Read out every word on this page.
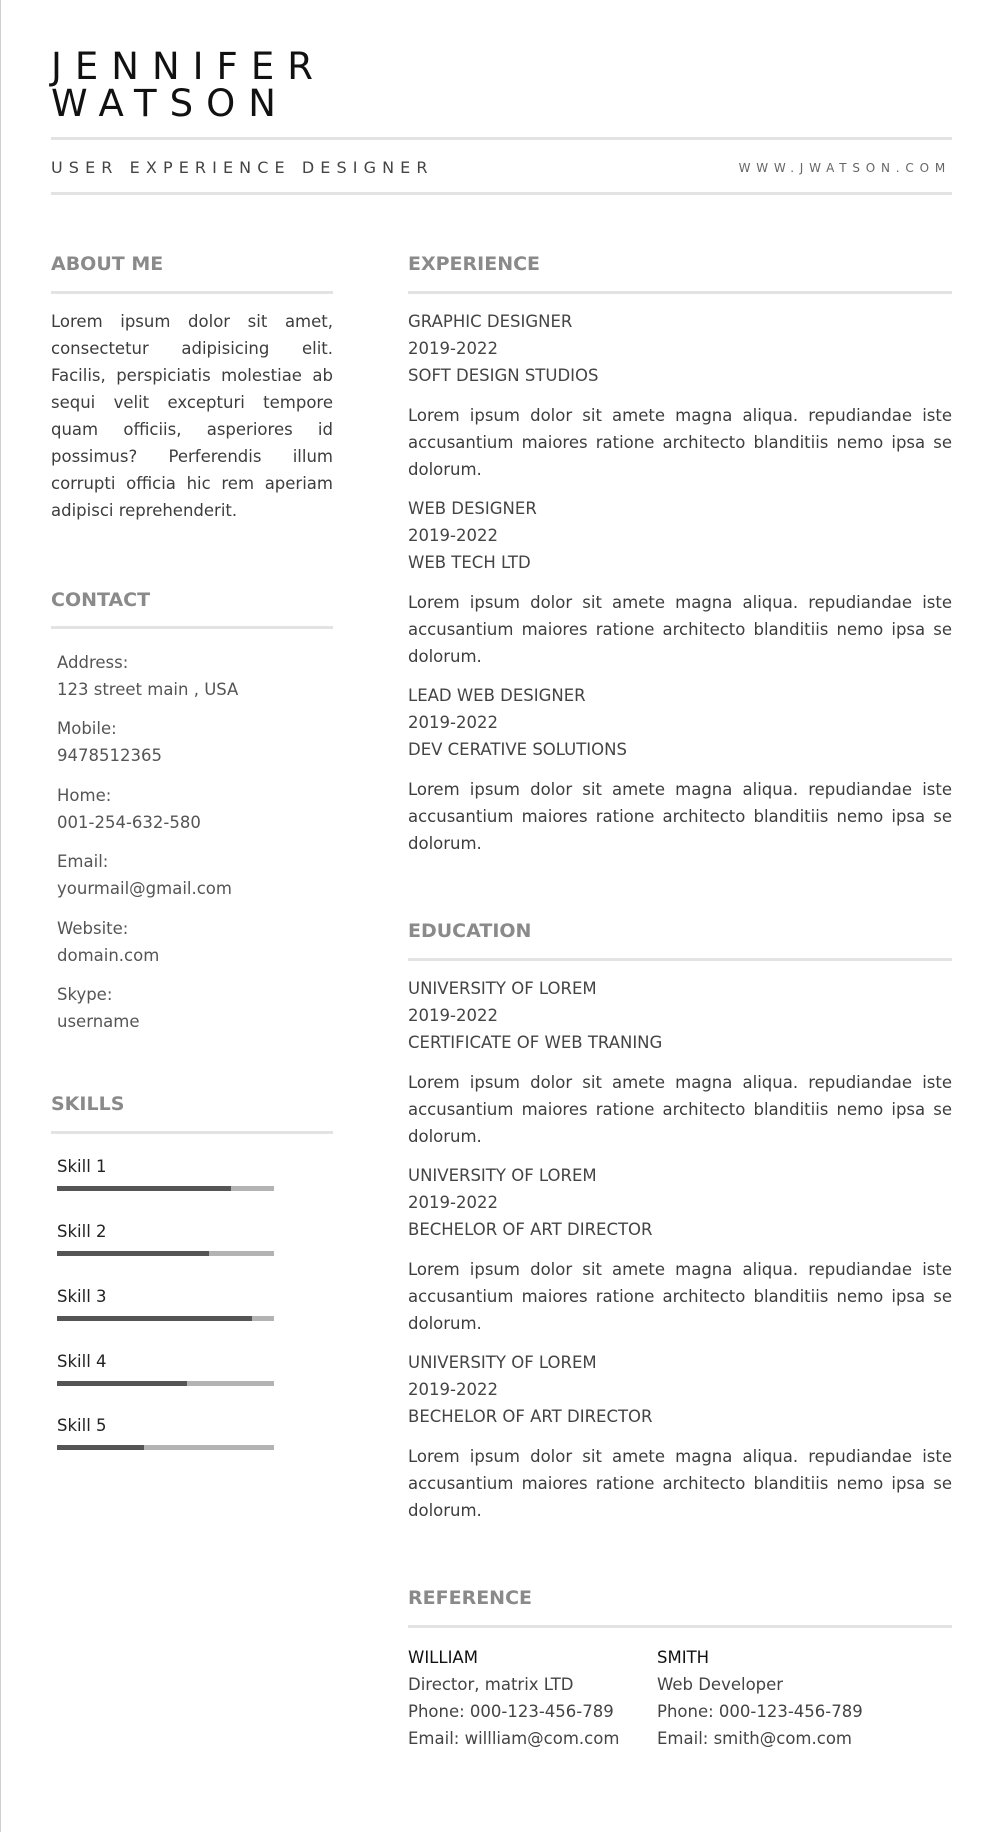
JENNIFER
WATSON
USER EXPERIENCE DESIGNER	WWW.JWATSON.COM
ABOUT ME

Lorem ipsum dolor sit amet, consectetur adipisicing elit. Facilis, perspiciatis molestiae ab sequi velit excepturi tempore quam officiis, asperiores id possimus? Perferendis illum corrupti officia hic rem aperiam adipisci reprehenderit.

CONTACT
Address:
123 street main , USA
Mobile:
9478512365
Home:
001-254-632-580
Email:
yourmail@gmail.com
Website:
domain.com
Skype:
username
SKILLS
Skill 1
Skill 2
Skill 3
Skill 4
Skill 5
EXPERIENCE
GRAPHIC DESIGNER
2019-2022
SOFT DESIGN STUDIOS
Lorem ipsum dolor sit amete magna aliqua. repudiandae iste accusantium maiores ratione architecto blanditiis nemo ipsa se dolorum.
WEB DESIGNER
2019-2022
WEB TECH LTD
Lorem ipsum dolor sit amete magna aliqua. repudiandae iste accusantium maiores ratione architecto blanditiis nemo ipsa se dolorum.
LEAD WEB DESIGNER
2019-2022
DEV CERATIVE SOLUTIONS
Lorem ipsum dolor sit amete magna aliqua. repudiandae iste accusantium maiores ratione architecto blanditiis nemo ipsa se dolorum.
EDUCATION
UNIVERSITY OF LOREM
2019-2022
CERTIFICATE OF WEB TRANING
Lorem ipsum dolor sit amete magna aliqua. repudiandae iste accusantium maiores ratione architecto blanditiis nemo ipsa se dolorum.
UNIVERSITY OF LOREM
2019-2022
BECHELOR OF ART DIRECTOR
Lorem ipsum dolor sit amete magna aliqua. repudiandae iste accusantium maiores ratione architecto blanditiis nemo ipsa se dolorum.
UNIVERSITY OF LOREM
2019-2022
BECHELOR OF ART DIRECTOR
Lorem ipsum dolor sit amete magna aliqua. repudiandae iste accusantium maiores ratione architecto blanditiis nemo ipsa se dolorum.
REFERENCE
WILLIAM
Director, matrix LTD
Phone: 000-123-456-789
Email: willliam@com.com
SMITH
Web Developer
Phone: 000-123-456-789
Email: smith@com.com
